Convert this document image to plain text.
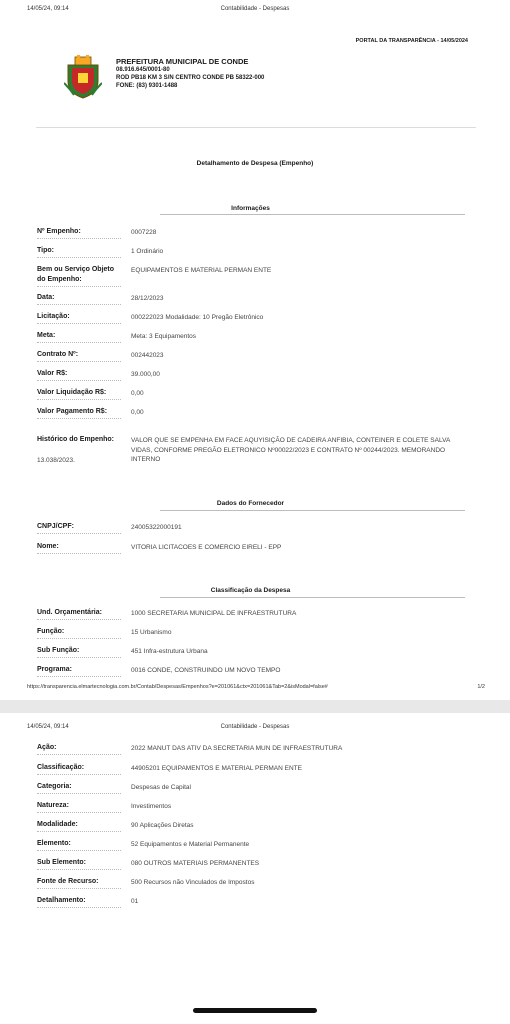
14/05/24, 09:14	Contabilidade - Despesas
PORTAL DA TRANSPARÊNCIA - 14/05/2024
PREFEITURA MUNICIPAL DE CONDE
08.916.645/0001-80
ROD PB18 KM 3 S/N CENTRO CONDE PB 58322-000
FONE: (83) 9301-1488
Detalhamento de Despesa (Empenho)
Informações
Nº Empenho:	0007228
Tipo:	1 Ordinário
Bem ou Serviço Objeto do Empenho:
EQUIPAMENTOS E MATERIAL PERMAN ENTE
Data:	28/12/2023
Licitação:	000222023 Modalidade: 10 Pregão Eletrônico
Meta:	Meta: 3 Equipamentos
Contrato Nº:	002442023
Valor R$:	39.000,00
Valor Liquidação R$:	0,00
Valor Pagamento R$:	0,00
Histórico do Empenho:	VALOR QUE SE EMPENHA EM FACE AQUYISIÇÃO DE CADEIRA ANFIBIA, CONTEINER E COLETE SALVA VIDAS, CONFORME PREGÃO ELETRONICO Nº00022/2023 E CONTRATO Nº 00244/2023. MEMORANDO INTERNO
13.038/2023.
Dados do Fornecedor
CNPJ/CPF:	24005322000191
Nome:	VITORIA LICITACOES E COMERCIO EIRELI - EPP
Classificação da Despesa
Und. Orçamentária:	1000 SECRETARIA MUNICIPAL DE INFRAESTRUTURA
Função:	15 Urbanismo
Sub Função:	451 Infra-estrutura Urbana
Programa:	0016 CONDE, CONSTRUINDO UM NOVO TEMPO
https://transparencia.elmartecnologia.com.br/Contab/Despesas/Empenhos?e=201061&ctx=201061&Tab=2&isModal=false#	1/2
14/05/24, 09:14	Contabilidade - Despesas
Ação:	2022 MANUT DAS ATIV DA SECRETARIA MUN DE INFRAESTRUTURA
Classificação:	44905201 EQUIPAMENTOS E MATERIAL PERMAN ENTE
Categoria:	Despesas de Capital
Natureza:	Investimentos
Modalidade:	90 Aplicações Diretas
Elemento:	52 Equipamentos e Material Permanente
Sub Elemento:	080 OUTROS MATERIAIS PERMANENTES
Fonte de Recurso:	500 Recursos não Vinculados de Impostos
Detalhamento:	01
